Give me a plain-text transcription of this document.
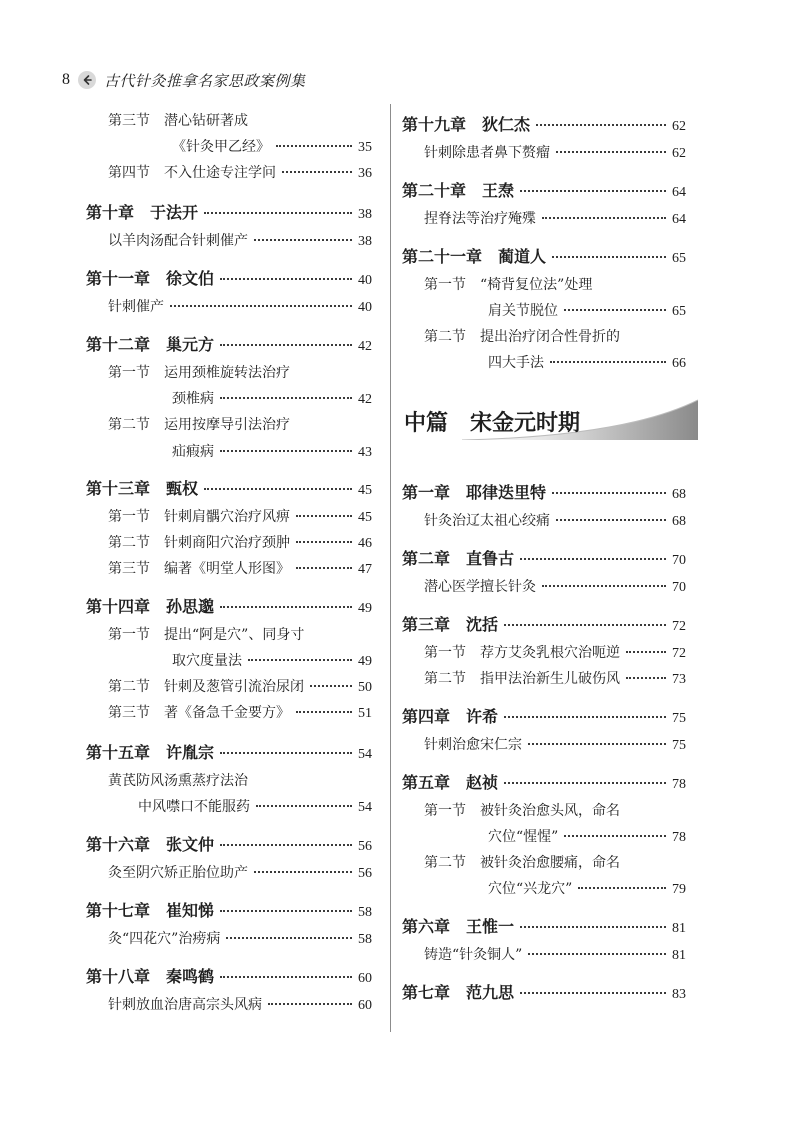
8 古代针灸推拿名家思政案例集
第三节　潜心钻研著成
《针灸甲乙经》	35
第四节　不入仕途专注学问	36
第十章　于法开	38
以羊肉汤配合针刺催产	38
第十一章　徐文伯	40
针刺催产	40
第十二章　巢元方	42
第一节　运用颈椎旋转法治疗
颈椎病	42
第二节　运用按摩导引法治疗
疝瘕病	43
第十三章　甄权	45
第一节　针刺肩髃穴治疗风痹	45
第二节　针刺商阳穴治疗颈肿	46
第三节　编著《明堂人形图》	47
第十四章　孙思邈	49
第一节　提出“阿是穴”、同身寸
取穴度量法	49
第二节　针刺及葱管引流治尿闭	50
第三节　著《备急千金要方》	51
第十五章　许胤宗	54
黄芪防风汤熏蒸疗法治
中风噤口不能服药	54
第十六章　张文仲	56
灸至阴穴矫正胎位助产	56
第十七章　崔知悌	58
灸“四花穴”治痨病	58
第十八章　秦鸣鹤	60
针刺放血治唐高宗头风病	60
第十九章　狄仁杰	62
针刺除患者鼻下赘瘤	62
第二十章　王焘	64
捏脊法等治疗殗殜	64
第二十一章　蔺道人	65
第一节　“椅背复位法”处理
肩关节脱位	65
第二节　提出治疗闭合性骨折的
四大手法	66
中篇　宋金元时期
第一章　耶律迭里特	68
针灸治辽太祖心绞痛	68
第二章　直鲁古	70
潜心医学擅长针灸	70
第三章　沈括	72
第一节　荐方艾灸乳根穴治呃逆	72
第二节　指甲法治新生儿破伤风	73
第四章　许希	75
针刺治愈宋仁宗	75
第五章　赵祯	78
第一节　被针灸治愈头风，命名
穴位“惺惺”	78
第二节　被针灸治愈腰痛，命名
穴位“兴龙穴”	79
第六章　王惟一	81
铸造“针灸铜人”	81
第七章　范九思	83
